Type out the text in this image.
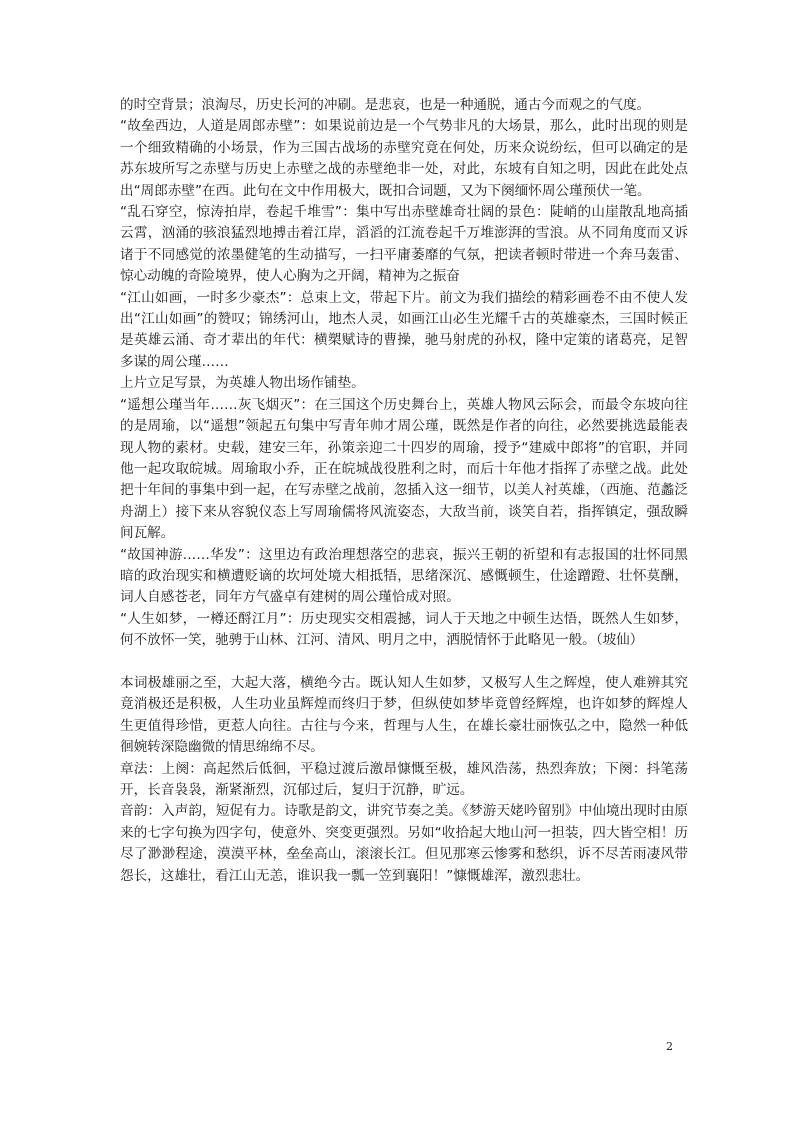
的时空背景；浪淘尽，历史长河的冲刷。是悲哀，也是一种通脱，通古今而观之的气度。

“故垒西边，人道是周郎赤壁”：如果说前边是一个气势非凡的大场景，那么，此时出现的则是一个细致精确的小场景，作为三国古战场的赤壁究竟在何处，历来众说纷纭，但可以确定的是苏东坡所写之赤壁与历史上赤壁之战的赤壁绝非一处，对此，东坡有自知之明，因此在此处点出“周郎赤壁”在西。此句在文中作用极大，既扣合词题，又为下阕缅怀周公瑾预伏一笔。

“乱石穿空，惊涛拍岸，卷起千堆雪”：集中写出赤壁雄奇壮阔的景色：陡峭的山崖散乱地高插云霄，汹涌的骇浪猛烈地搏击着江岸，滔滔的江流卷起千万堆澎湃的雪浪。从不同角度而又诉诸于不同感觉的浓墨健笔的生动描写，一扫平庸萎靡的气氛，把读者顿时带进一个奔马轰雷、惊心动魄的奇险境界，使人心胸为之开阔，精神为之振奋

“江山如画，一时多少豪杰”：总束上文，带起下片。前文为我们描绘的精彩画卷不由不使人发出“江山如画”的赞叹；锦绣河山，地杰人灵，如画江山必生光耀千古的英雄豪杰，三国时候正是英雄云涌、奇才辈出的年代：横槊赋诗的曹操，驰马射虎的孙权，隆中定策的诸葛亮，足智多谋的周公瑾……

上片立足写景，为英雄人物出场作铺垫。

“遥想公瑾当年……灰飞烟灭”：在三国这个历史舞台上，英雄人物风云际会，而最令东坡向往的是周瑜，以“遥想”领起五句集中写青年帅才周公瑾，既然是作者的向往，必然要挑选最能表现人物的素材。史载，建安三年，孙策亲迎二十四岁的周瑜，授予“建威中郎将”的官职，并同他一起攻取皖城。周瑜取小乔，正在皖城战役胜利之时，而后十年他才指挥了赤壁之战。此处把十年间的事集中到一起，在写赤壁之战前，忽插入这一细节，以美人衬英雄，（西施、范蠡泛舟湖上）接下来从容貌仪态上写周瑜儒将风流姿态，大敌当前，谈笑自若，指挥镇定，强敌瞬间瓦解。

“故国神游……华发”：这里边有政治理想落空的悲哀，振兴王朝的祈望和有志报国的壮怀同黑暗的政治现实和横遭贬谪的坎坷处境大相抵牾，思绪深沉、感慨顿生，仕途蹭蹬、壮怀莫酬，词人自感苍老，同年方气盛卓有建树的周公瑾恰成对照。

“人生如梦，一樽还酹江月”：历史现实交相震撼，词人于天地之中顿生达悟，既然人生如梦，何不放怀一笑，驰骋于山林、江河、清风、明月之中，洒脱情怀于此略见一般。（坡仙）

本词极雄丽之至，大起大落，横绝今古。既认知人生如梦，又极写人生之辉煌，使人难辨其究竟消极还是积极，人生功业虽辉煌而终归于梦，但纵使如梦毕竟曾经辉煌，也许如梦的辉煌人生更值得珍惜，更惹人向往。古往与今来，哲理与人生，在雄长豪壮丽恢弘之中，隐然一种低徊婉转深隐幽微的情思绵绵不尽。

章法：上阕：高起然后低徊，平稳过渡后激昂慷慨至极，雄风浩荡，热烈奔放；下阕：抖笔荡开，长音袅袅，渐紧渐烈，沉郁过后，复归于沉静，旷远。

音韵：入声韵，短促有力。诗歌是韵文，讲究节奏之美。《梦游天姥吟留别》中仙境出现时由原来的七字句换为四字句，使意外、突变更强烈。另如“收拾起大地山河一担装，四大皆空相！历尽了渺渺程途，漠漠平林，垒垒高山，滚滚长江。但见那寒云惨雾和愁织，诉不尽苦雨凄风带怨长，这雄壮，看江山无恙，谁识我一瓢一笠到襄阳！”慷慨雄浑，激烈悲壮。

2
